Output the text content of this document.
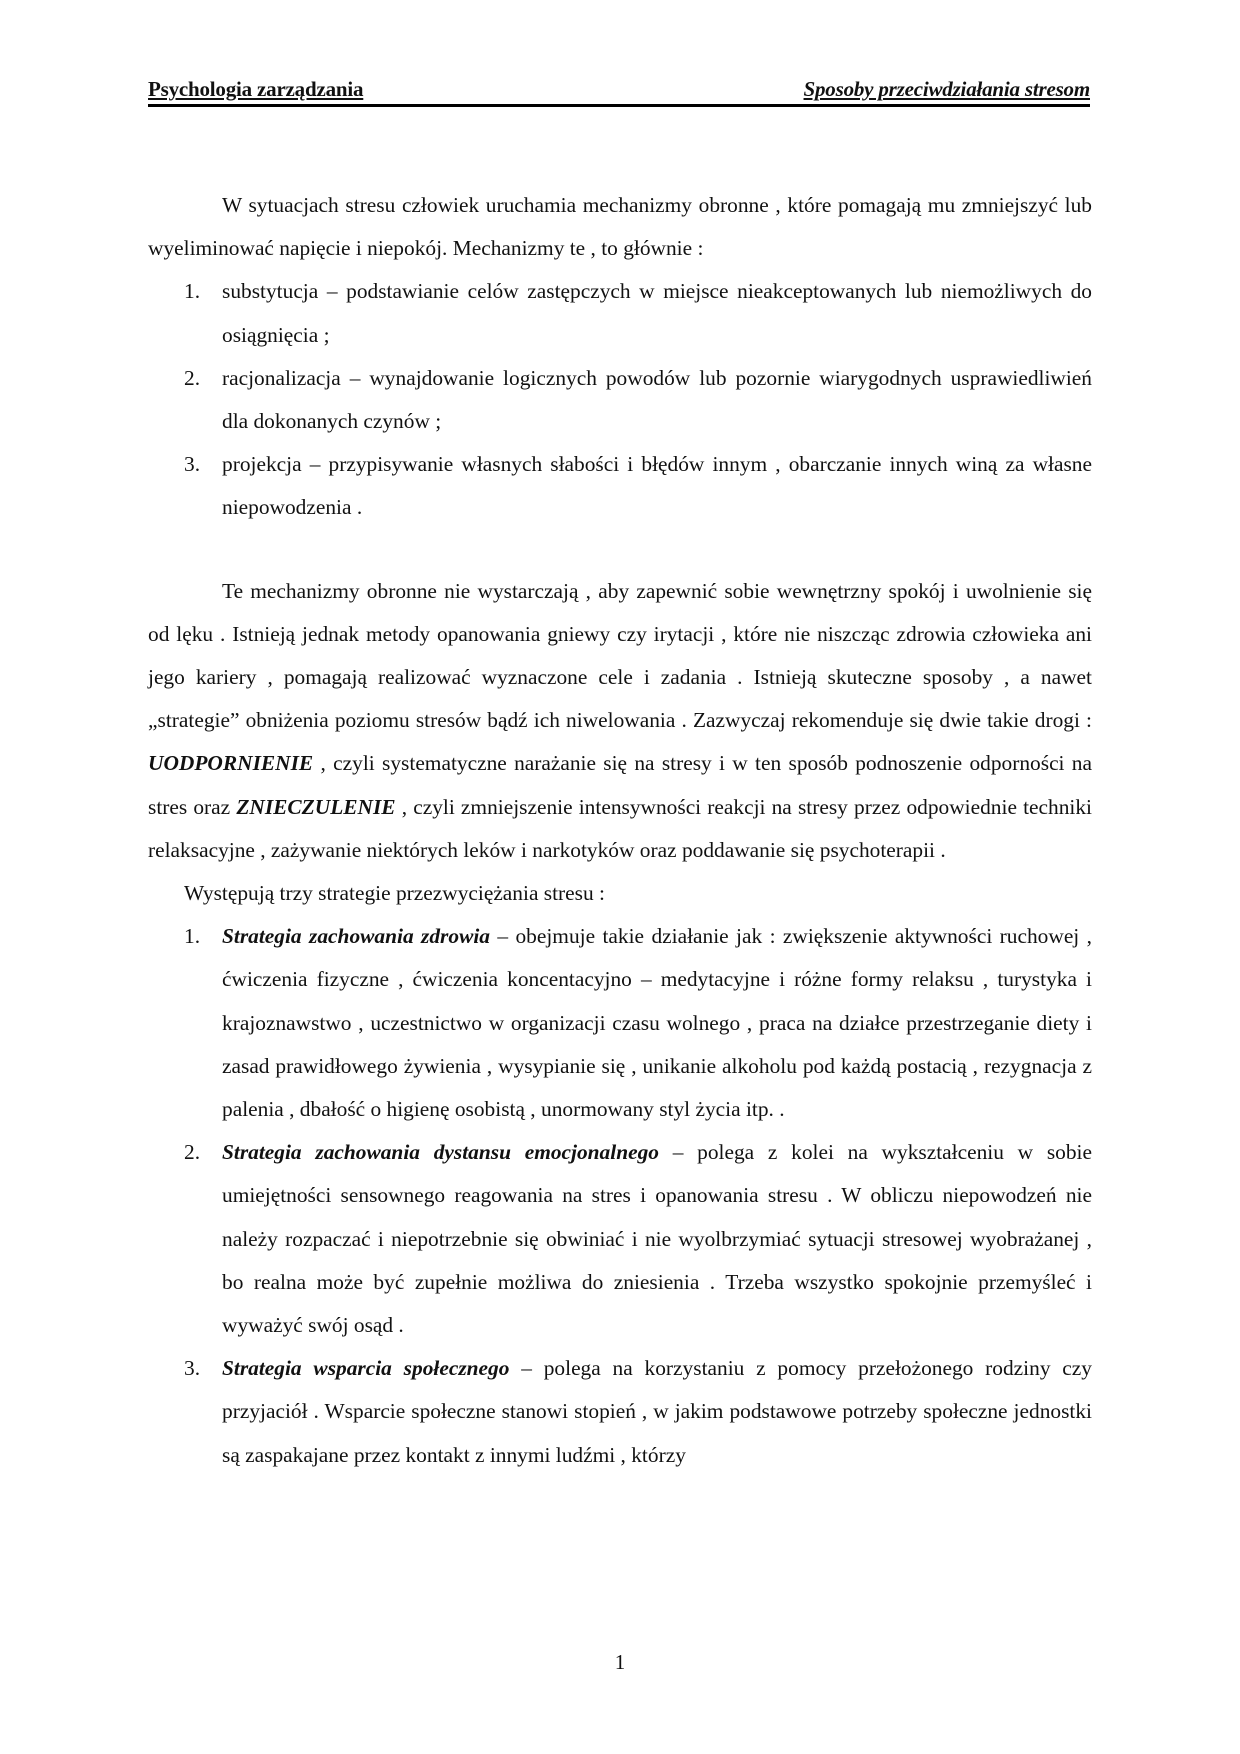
Psychologia zarządzania	Sposoby przeciwdziałania stresom

W sytuacjach stresu człowiek uruchamia mechanizmy obronne , które pomagają mu zmniejszyć lub wyeliminować napięcie i niepokój. Mechanizmy te , to głównie :

1. substytucja – podstawianie celów zastępczych w miejsce nieakceptowanych lub niemożliwych do osiągnięcia ;
2. racjonalizacja – wynajdowanie logicznych powodów lub pozornie wiarygodnych usprawiedliwień dla dokonanych czynów ;
3. projekcja – przypisywanie własnych słabości i błędów innym , obarczanie innych winą za własne niepowodzenia .

Te mechanizmy obronne nie wystarczają , aby zapewnić sobie wewnętrzny spokój i uwolnienie się od lęku . Istnieją jednak metody opanowania gniewy czy irytacji , które nie niszcząc zdrowia człowieka ani jego kariery , pomagają realizować wyznaczone cele i zadania . Istnieją skuteczne sposoby , a nawet „strategie” obniżenia poziomu stresów bądź ich niwelowania . Zazwyczaj rekomenduje się dwie takie drogi : UODPORNIENIE , czyli systematyczne narażanie się na stresy i w ten sposób podnoszenie odporności na stres oraz ZNIECZULENIE , czyli zmniejszenie intensywności reakcji na stresy przez odpowiednie techniki relaksacyjne , zażywanie niektórych leków i narkotyków oraz poddawanie się psychoterapii .

Występują trzy strategie przezwyciężania stresu :

1. Strategia zachowania zdrowia – obejmuje takie działanie jak : zwiększenie aktywności ruchowej , ćwiczenia fizyczne , ćwiczenia koncentacyjno – medytacyjne i różne formy relaksu , turystyka i krajoznawstwo , uczestnictwo w organizacji czasu wolnego , praca na działce przestrzeganie diety i zasad prawidłowego żywienia , wysypianie się , unikanie alkoholu pod każdą postacią , rezygnacja z palenia , dbałość o higienę osobistą , unormowany styl życia itp. .
2. Strategia zachowania dystansu emocjonalnego – polega z kolei na wykształceniu w sobie umiejętności sensownego reagowania na stres i opanowania stresu . W obliczu niepowodzeń nie należy rozpaczać i niepotrzebnie się obwiniać i nie wyolbrzymiać sytuacji stresowej wyobrażanej , bo realna może być zupełnie możliwa do zniesienia . Trzeba wszystko spokojnie przemyśleć i wyważyć swój osąd .
3. Strategia wsparcia społecznego – polega na korzystaniu z pomocy przełożonego rodziny czy przyjaciół . Wsparcie społeczne stanowi stopień , w jakim podstawowe potrzeby społeczne jednostki są zaspakajane przez kontakt z innymi ludźmi , którzy
1
